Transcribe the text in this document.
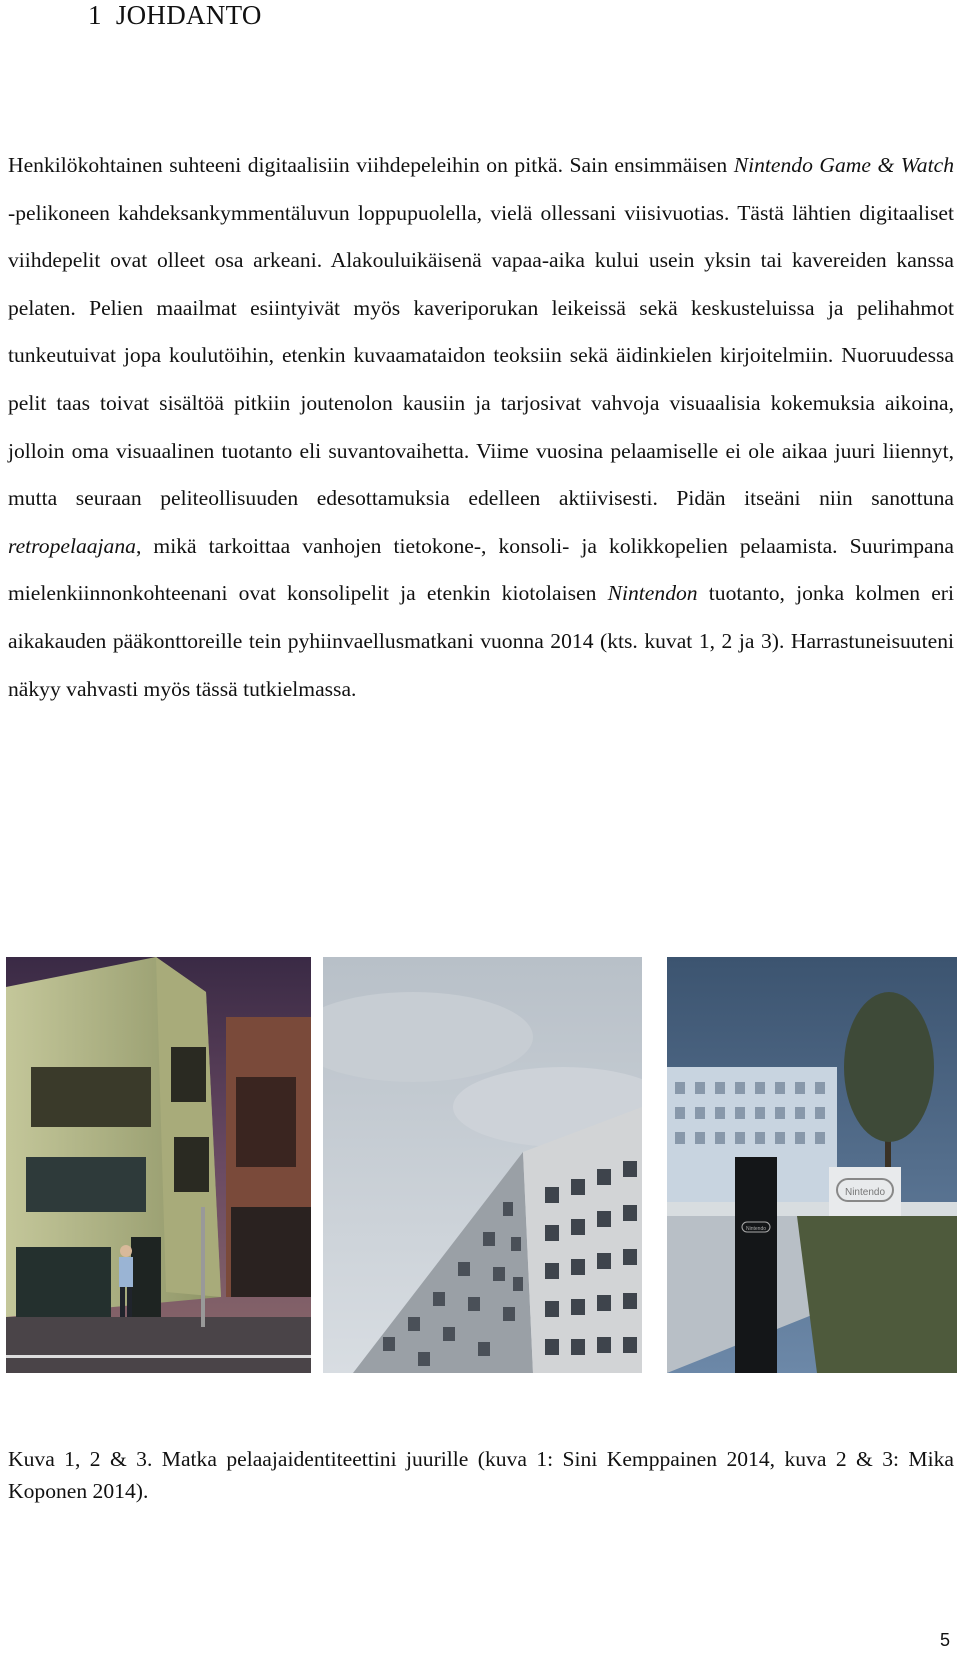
1 JOHDANTO
Henkilökohtainen suhteeni digitaalisiin viihdepeleihin on pitkä. Sain ensimmäisen Nintendo Game & Watch -pelikoneen kahdeksankymmentäluvun loppupuolella, vielä ollessani viisivuotias. Tästä lähtien digitaaliset viihdepelit ovat olleet osa arkeani. Alakouluikäisenä vapaa-aika kului usein yksin tai kavereiden kanssa pelaten. Pelien maailmat esiintyivät myös kaveriporukan leikeissä sekä keskusteluissa ja pelihahmot tunkeutuivat jopa koulutöihin, etenkin kuvaamataidon teoksiin sekä äidinkielen kirjoitelmiin. Nuoruudessa pelit taas toivat sisältöä pitkiin joutenolon kausiin ja tarjosivat vahvoja visuaalisia kokemuksia aikoina, jolloin oma visuaalinen tuotanto eli suvantovaihetta. Viime vuosina pelaamiselle ei ole aikaa juuri liiennyt, mutta seuraan peliteollisuuden edesottamuksia edelleen aktiivisesti. Pidän itseäni niin sanottuna retropelaajana, mikä tarkoittaa vanhojen tietokone-, konsoli- ja kolikkopelien pelaamista. Suurimpana mielenkiinnonkohteenani ovat konsolipelit ja etenkin kiotolaisen Nintendon tuotanto, jonka kolmen eri aikakauden pääkonttoreille tein pyhiinvaellusmatkani vuonna 2014 (kts. kuvat 1, 2 ja 3). Harrastuneisuuteni näkyy vahvasti myös tässä tutkielmassa.
Nintendo
Nintendo
Kuva 1, 2 & 3. Matka pelaajaidentiteettini juurille (kuva 1: Sini Kemppainen 2014, kuva 2 & 3: Mika Koponen 2014).
5
